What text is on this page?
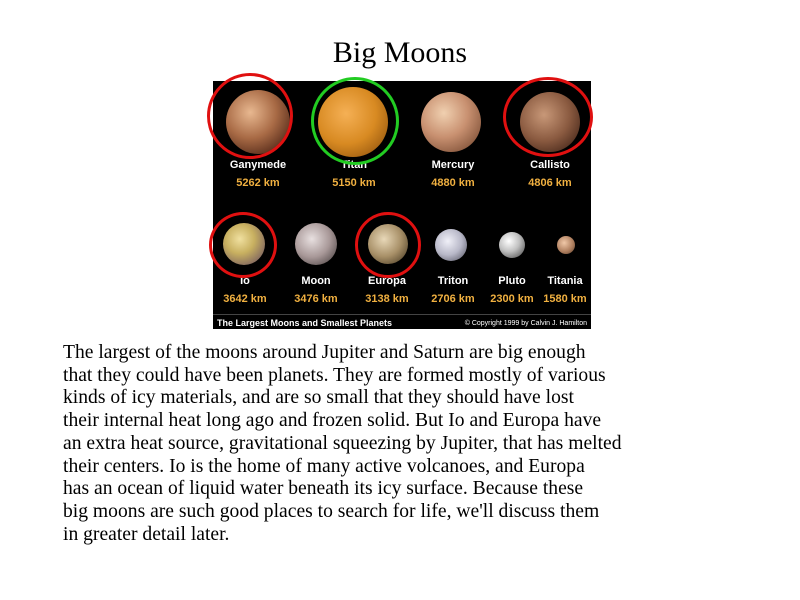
Big Moons
Ganymede
5262 km
Titan
5150 km
Mercury
4880 km
Callisto
4806 km
Io
3642 km
Moon
3476 km
Europa
3138 km
Triton
2706 km
Pluto
2300 km
Titania
1580 km
The Largest Moons and Smallest Planets	© Copyright 1999 by Calvin J. Hamilton
The largest of the moons around Jupiter and Saturn are big enough
that they could have been planets. They are formed mostly of various
kinds of icy materials, and are so small that they should have lost
their internal heat long ago and frozen solid. But Io and Europa have
an extra heat source, gravitational squeezing by Jupiter, that has melted
their centers. Io is the home of many active volcanoes, and Europa
has an ocean of liquid water beneath its icy surface. Because these
big moons are such good places to search for life, we'll discuss them
in greater detail later.
